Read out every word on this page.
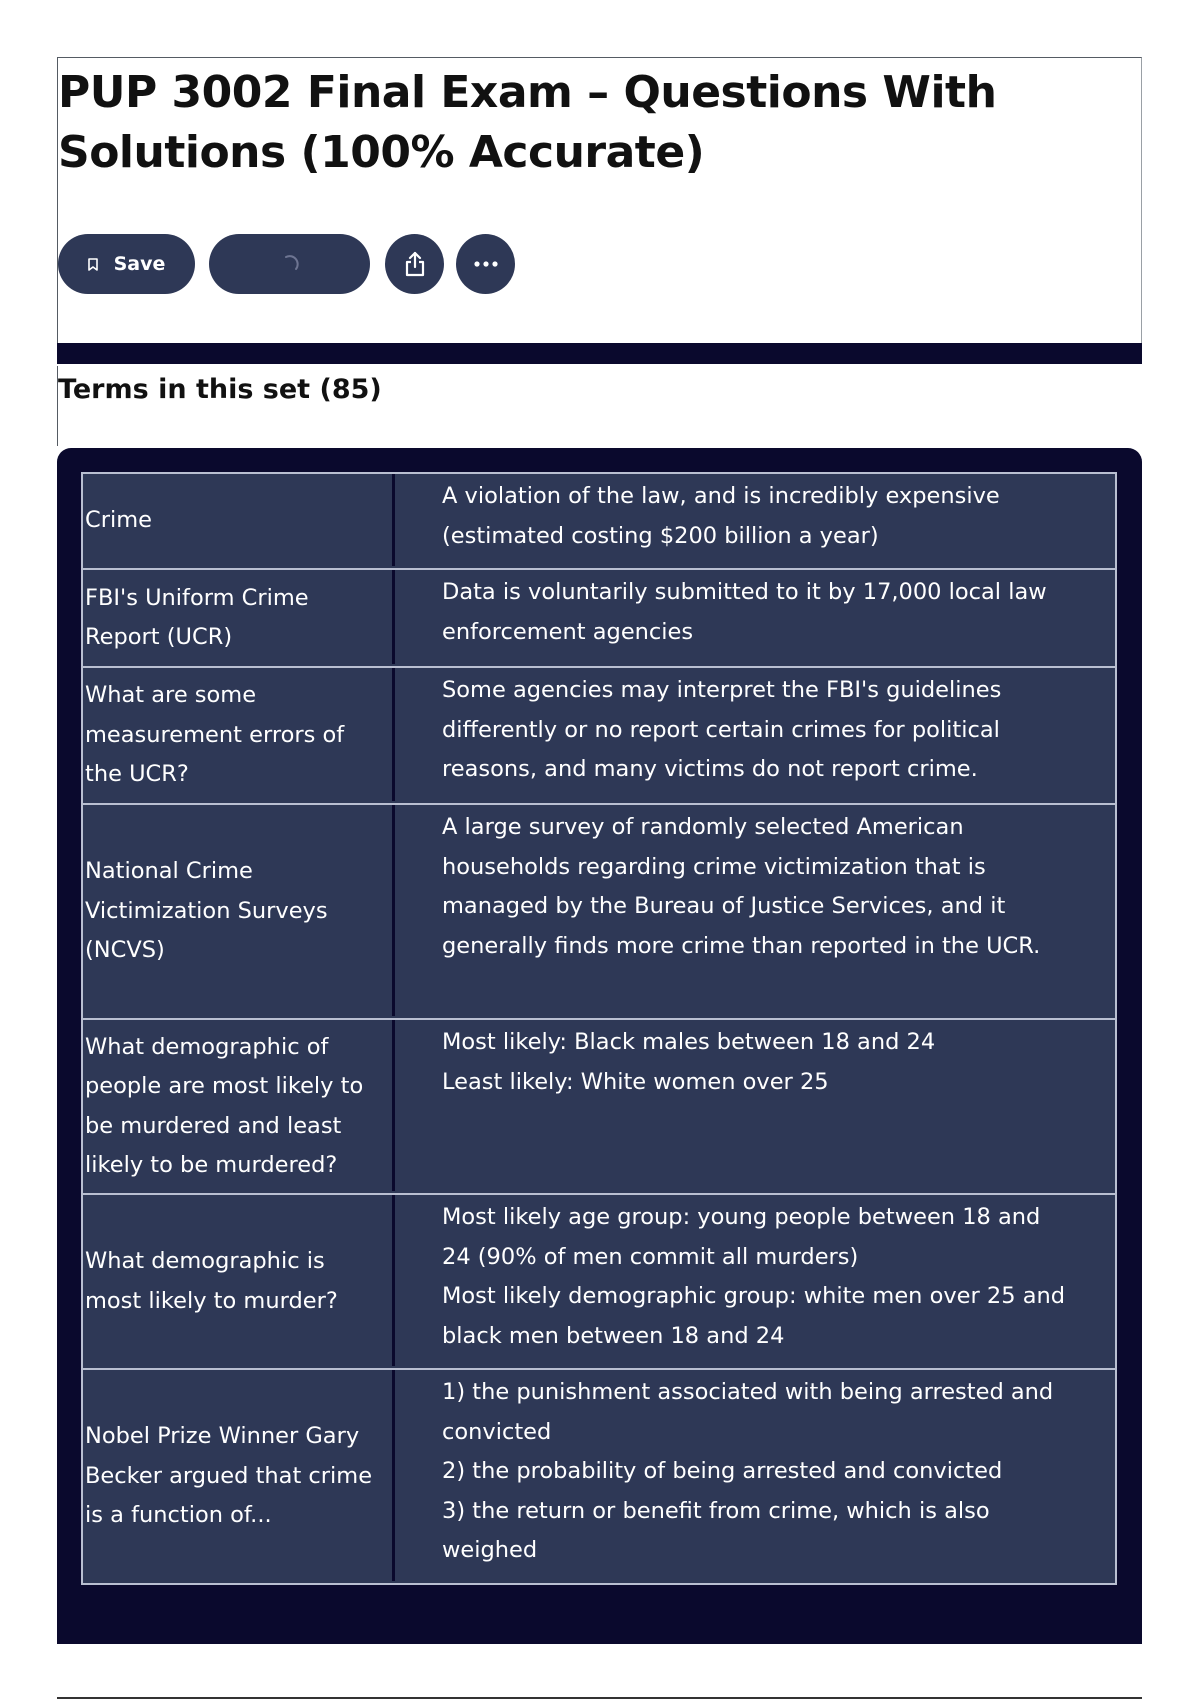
PUP 3002 Final Exam – Questions With Solutions (100% Accurate)
Save
Terms in this set (85)
Crime	A violation of the law, and is incredibly expensive (estimated costing $200 billion a year)

FBI's Uniform Crime Report (UCR)	Data is voluntarily submitted to it by 17,000 local law enforcement agencies

What are some measurement errors of the UCR?	Some agencies may interpret the FBI's guidelines differently or no report certain crimes for political reasons, and many victims do not report crime.

National Crime Victimization Surveys (NCVS)	A large survey of randomly selected American households regarding crime victimization that is managed by the Bureau of Justice Services, and it generally finds more crime than reported in the UCR.

What demographic of people are most likely to be murdered and least likely to be murdered?	Most likely: Black males between 18 and 24
Least likely: White women over 25

What demographic is most likely to murder?	Most likely age group: young people between 18 and 24 (90% of men commit all murders)
Most likely demographic group: white men over 25 and black men between 18 and 24

Nobel Prize Winner Gary Becker argued that crime is a function of...	1) the punishment associated with being arrested and convicted
2) the probability of being arrested and convicted
3) the return or benefit from crime, which is also weighed
